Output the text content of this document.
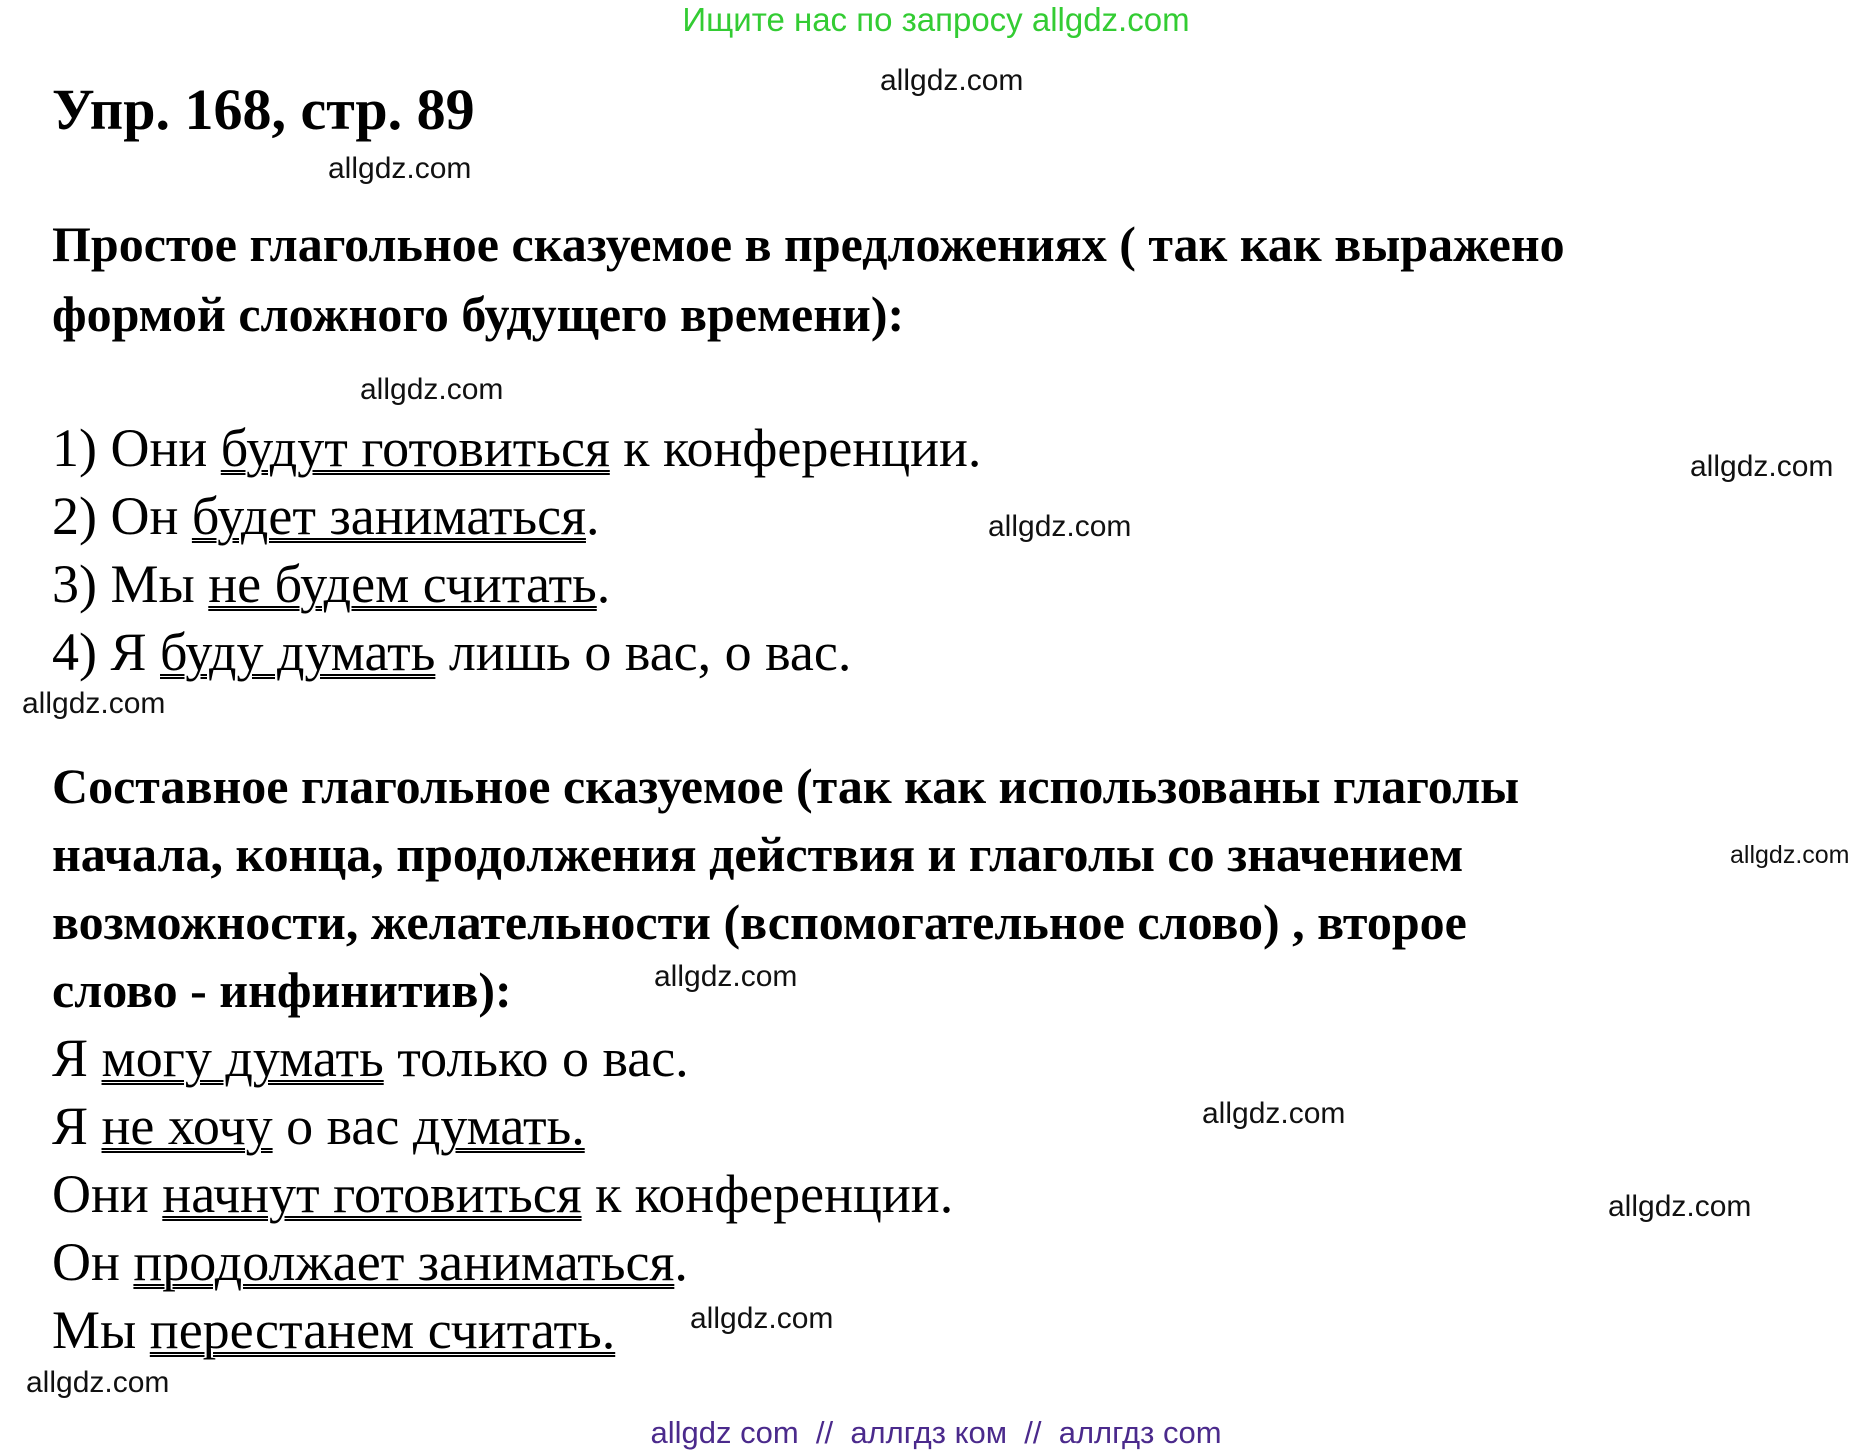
Ищите нас по запросу allgdz.com
Упр. 168, стр. 89
Простое глагольное сказуемое в предложениях ( так как выражено
формой сложного будущего времени):
1) Они будут готовиться к конференции.
2) Он будет заниматься.
3) Мы не будем считать.
4) Я буду думать лишь о вас, о вас.
Составное глагольное сказуемое (так как использованы глаголы
начала, конца, продолжения действия и глаголы со значением
возможности, желательности (вспомогательное слово) , второе
слово - инфинитив):
Я могу думать только о вас.
Я не хочу о вас думать.
Они начнут готовиться к конференции.
Он продолжает заниматься.
Мы перестанем считать.
allgdz.com
allgdz.com
allgdz.com
allgdz.com
allgdz.com
allgdz.com
allgdz.com
allgdz.com
allgdz.com
allgdz.com
allgdz.com
allgdz.com
allgdz com  //  аллгдз ком  //  аллгдз com
